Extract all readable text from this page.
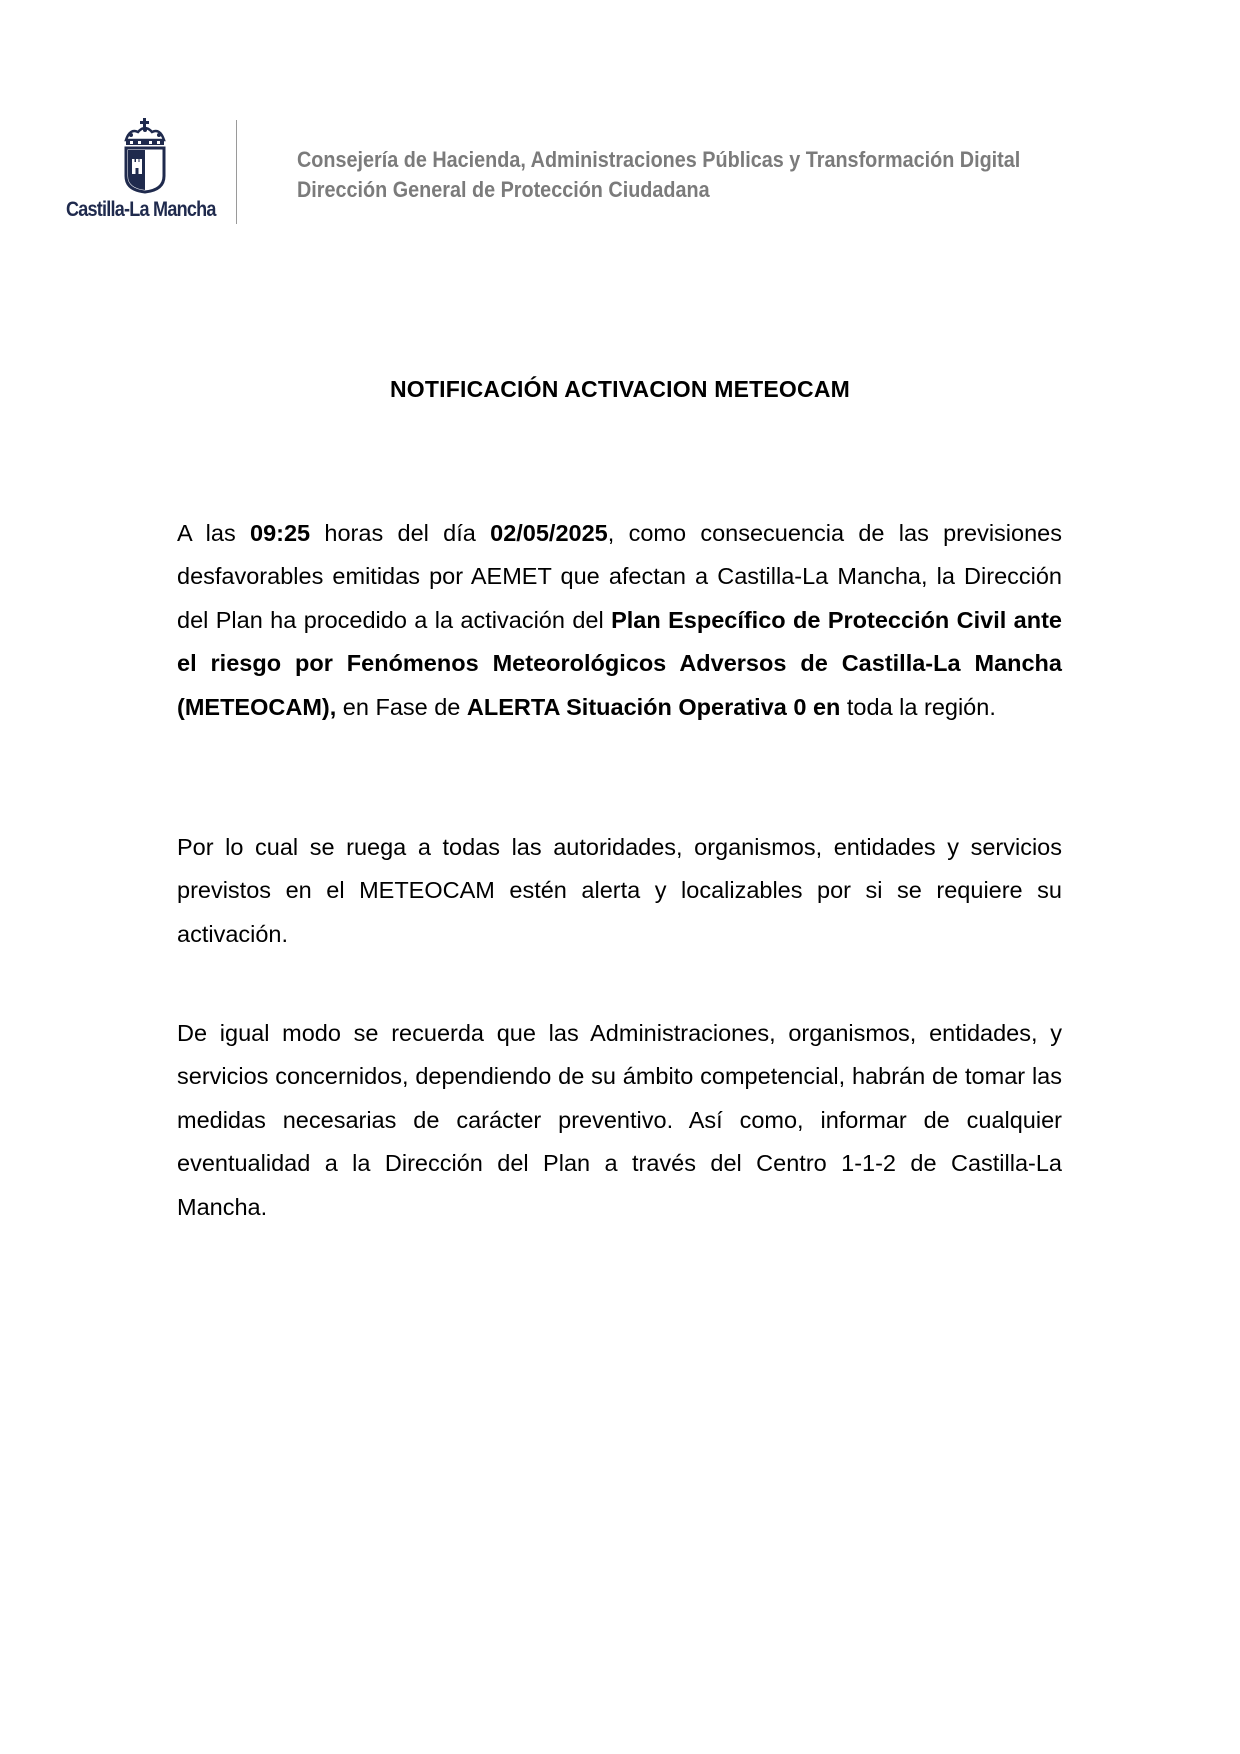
Castilla-La Mancha
Consejería de Hacienda, Administraciones Públicas y Transformación Digital
Dirección General de Protección Ciudadana
NOTIFICACIÓN ACTIVACION METEOCAM
A las 09:25 horas del día 02/05/2025, como consecuencia de las previsiones desfavorables emitidas por AEMET que afectan a Castilla-La Mancha, la Dirección del Plan ha procedido a la activación del Plan Específico de Protección Civil ante el riesgo por Fenómenos Meteorológicos Adversos de Castilla-La Mancha (METEOCAM), en Fase de ALERTA Situación Operativa 0 en toda la región.
Por lo cual se ruega a todas las autoridades, organismos, entidades y servicios previstos en el METEOCAM estén alerta y localizables por si se requiere su activación.
De igual modo se recuerda que las Administraciones, organismos, entidades, y servicios concernidos, dependiendo de su ámbito competencial, habrán de tomar las medidas necesarias de carácter preventivo. Así como, informar de cualquier eventualidad a la Dirección del Plan a través del Centro 1-1-2 de Castilla-La Mancha.
